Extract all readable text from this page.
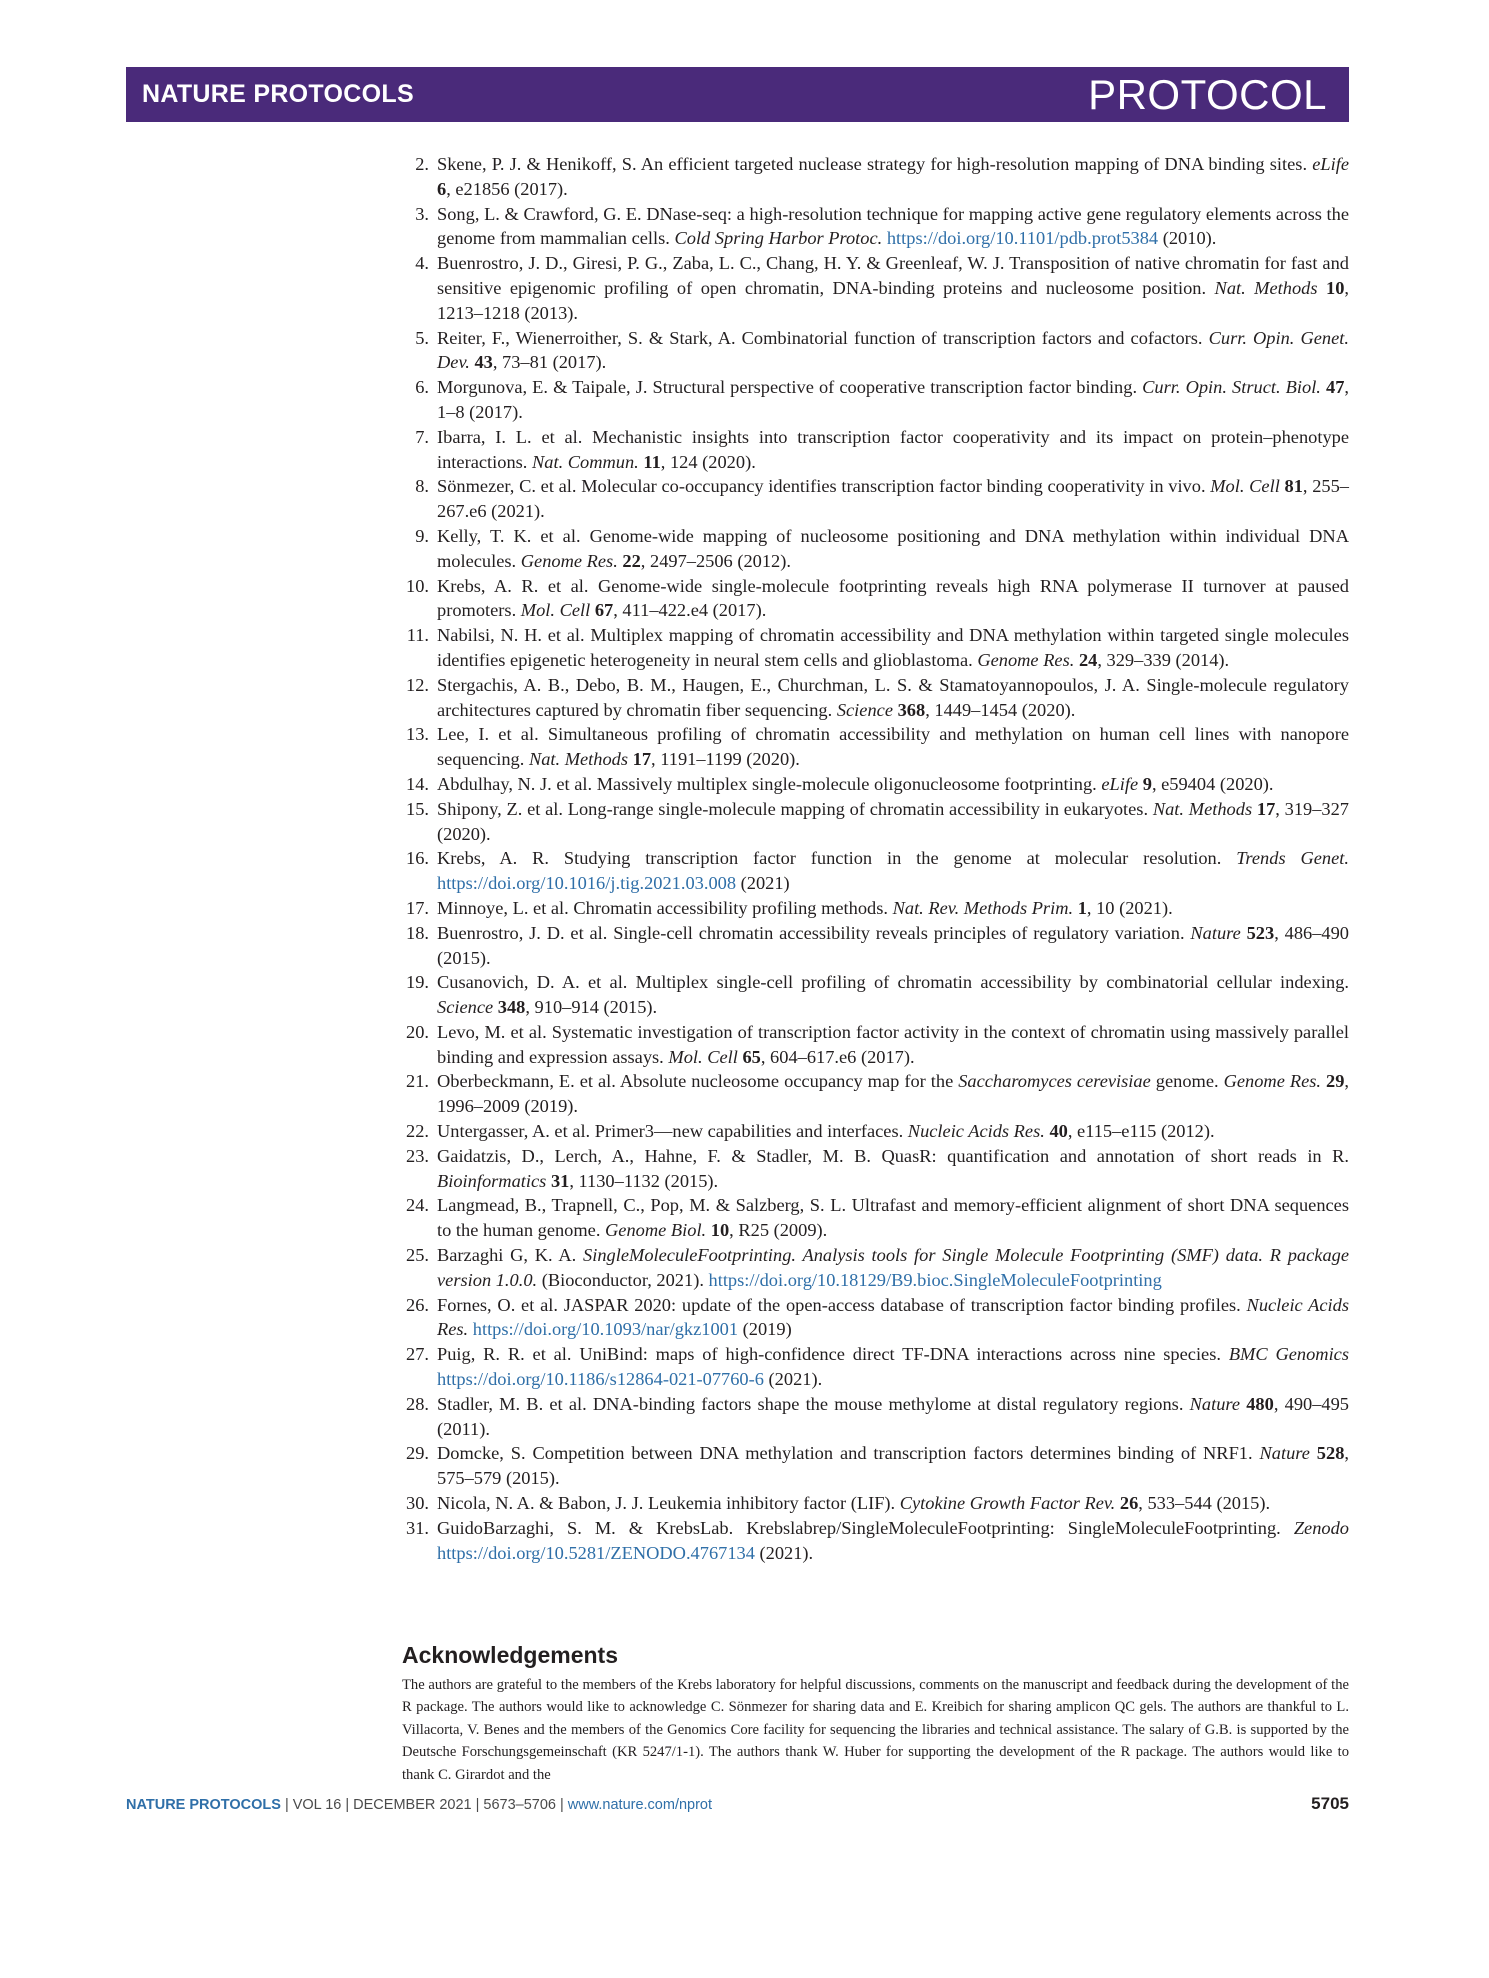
NATURE PROTOCOLS	PROTOCOL
2. Skene, P. J. & Henikoff, S. An efficient targeted nuclease strategy for high-resolution mapping of DNA binding sites. eLife 6, e21856 (2017).
3. Song, L. & Crawford, G. E. DNase-seq: a high-resolution technique for mapping active gene regulatory elements across the genome from mammalian cells. Cold Spring Harbor Protoc. https://doi.org/10.1101/pdb.prot5384 (2010).
4. Buenrostro, J. D., Giresi, P. G., Zaba, L. C., Chang, H. Y. & Greenleaf, W. J. Transposition of native chromatin for fast and sensitive epigenomic profiling of open chromatin, DNA-binding proteins and nucleosome position. Nat. Methods 10, 1213–1218 (2013).
5. Reiter, F., Wienerroither, S. & Stark, A. Combinatorial function of transcription factors and cofactors. Curr. Opin. Genet. Dev. 43, 73–81 (2017).
6. Morgunova, E. & Taipale, J. Structural perspective of cooperative transcription factor binding. Curr. Opin. Struct. Biol. 47, 1–8 (2017).
7. Ibarra, I. L. et al. Mechanistic insights into transcription factor cooperativity and its impact on protein–phenotype interactions. Nat. Commun. 11, 124 (2020).
8. Sönmezer, C. et al. Molecular co-occupancy identifies transcription factor binding cooperativity in vivo. Mol. Cell 81, 255–267.e6 (2021).
9. Kelly, T. K. et al. Genome-wide mapping of nucleosome positioning and DNA methylation within individual DNA molecules. Genome Res. 22, 2497–2506 (2012).
10. Krebs, A. R. et al. Genome-wide single-molecule footprinting reveals high RNA polymerase II turnover at paused promoters. Mol. Cell 67, 411–422.e4 (2017).
11. Nabilsi, N. H. et al. Multiplex mapping of chromatin accessibility and DNA methylation within targeted single molecules identifies epigenetic heterogeneity in neural stem cells and glioblastoma. Genome Res. 24, 329–339 (2014).
12. Stergachis, A. B., Debo, B. M., Haugen, E., Churchman, L. S. & Stamatoyannopoulos, J. A. Single-molecule regulatory architectures captured by chromatin fiber sequencing. Science 368, 1449–1454 (2020).
13. Lee, I. et al. Simultaneous profiling of chromatin accessibility and methylation on human cell lines with nanopore sequencing. Nat. Methods 17, 1191–1199 (2020).
14. Abdulhay, N. J. et al. Massively multiplex single-molecule oligonucleosome footprinting. eLife 9, e59404 (2020).
15. Shipony, Z. et al. Long-range single-molecule mapping of chromatin accessibility in eukaryotes. Nat. Methods 17, 319–327 (2020).
16. Krebs, A. R. Studying transcription factor function in the genome at molecular resolution. Trends Genet. https://doi.org/10.1016/j.tig.2021.03.008 (2021)
17. Minnoye, L. et al. Chromatin accessibility profiling methods. Nat. Rev. Methods Prim. 1, 10 (2021).
18. Buenrostro, J. D. et al. Single-cell chromatin accessibility reveals principles of regulatory variation. Nature 523, 486–490 (2015).
19. Cusanovich, D. A. et al. Multiplex single-cell profiling of chromatin accessibility by combinatorial cellular indexing. Science 348, 910–914 (2015).
20. Levo, M. et al. Systematic investigation of transcription factor activity in the context of chromatin using massively parallel binding and expression assays. Mol. Cell 65, 604–617.e6 (2017).
21. Oberbeckmann, E. et al. Absolute nucleosome occupancy map for the Saccharomyces cerevisiae genome. Genome Res. 29, 1996–2009 (2019).
22. Untergasser, A. et al. Primer3—new capabilities and interfaces. Nucleic Acids Res. 40, e115–e115 (2012).
23. Gaidatzis, D., Lerch, A., Hahne, F. & Stadler, M. B. QuasR: quantification and annotation of short reads in R. Bioinformatics 31, 1130–1132 (2015).
24. Langmead, B., Trapnell, C., Pop, M. & Salzberg, S. L. Ultrafast and memory-efficient alignment of short DNA sequences to the human genome. Genome Biol. 10, R25 (2009).
25. Barzaghi G, K. A. SingleMoleculeFootprinting. Analysis tools for Single Molecule Footprinting (SMF) data. R package version 1.0.0. (Bioconductor, 2021). https://doi.org/10.18129/B9.bioc.SingleMoleculeFootprinting
26. Fornes, O. et al. JASPAR 2020: update of the open-access database of transcription factor binding profiles. Nucleic Acids Res. https://doi.org/10.1093/nar/gkz1001 (2019)
27. Puig, R. R. et al. UniBind: maps of high-confidence direct TF-DNA interactions across nine species. BMC Genomics https://doi.org/10.1186/s12864-021-07760-6 (2021).
28. Stadler, M. B. et al. DNA-binding factors shape the mouse methylome at distal regulatory regions. Nature 480, 490–495 (2011).
29. Domcke, S. Competition between DNA methylation and transcription factors determines binding of NRF1. Nature 528, 575–579 (2015).
30. Nicola, N. A. & Babon, J. J. Leukemia inhibitory factor (LIF). Cytokine Growth Factor Rev. 26, 533–544 (2015).
31. GuidoBarzaghi, S. M. & KrebsLab. Krebslabrep/SingleMoleculeFootprinting: SingleMoleculeFootprinting. Zenodo https://doi.org/10.5281/ZENODO.4767134 (2021).
Acknowledgements

The authors are grateful to the members of the Krebs laboratory for helpful discussions, comments on the manuscript and feedback during the development of the R package. The authors would like to acknowledge C. Sönmezer for sharing data and E. Kreibich for sharing amplicon QC gels. The authors are thankful to L. Villacorta, V. Benes and the members of the Genomics Core facility for sequencing the libraries and technical assistance. The salary of G.B. is supported by the Deutsche Forschungsgemeinschaft (KR 5247/1-1). The authors thank W. Huber for supporting the development of the R package. The authors would like to thank C. Girardot and the

NATURE PROTOCOLS | VOL 16 | DECEMBER 2021 | 5673–5706 | www.nature.com/nprot	5705
